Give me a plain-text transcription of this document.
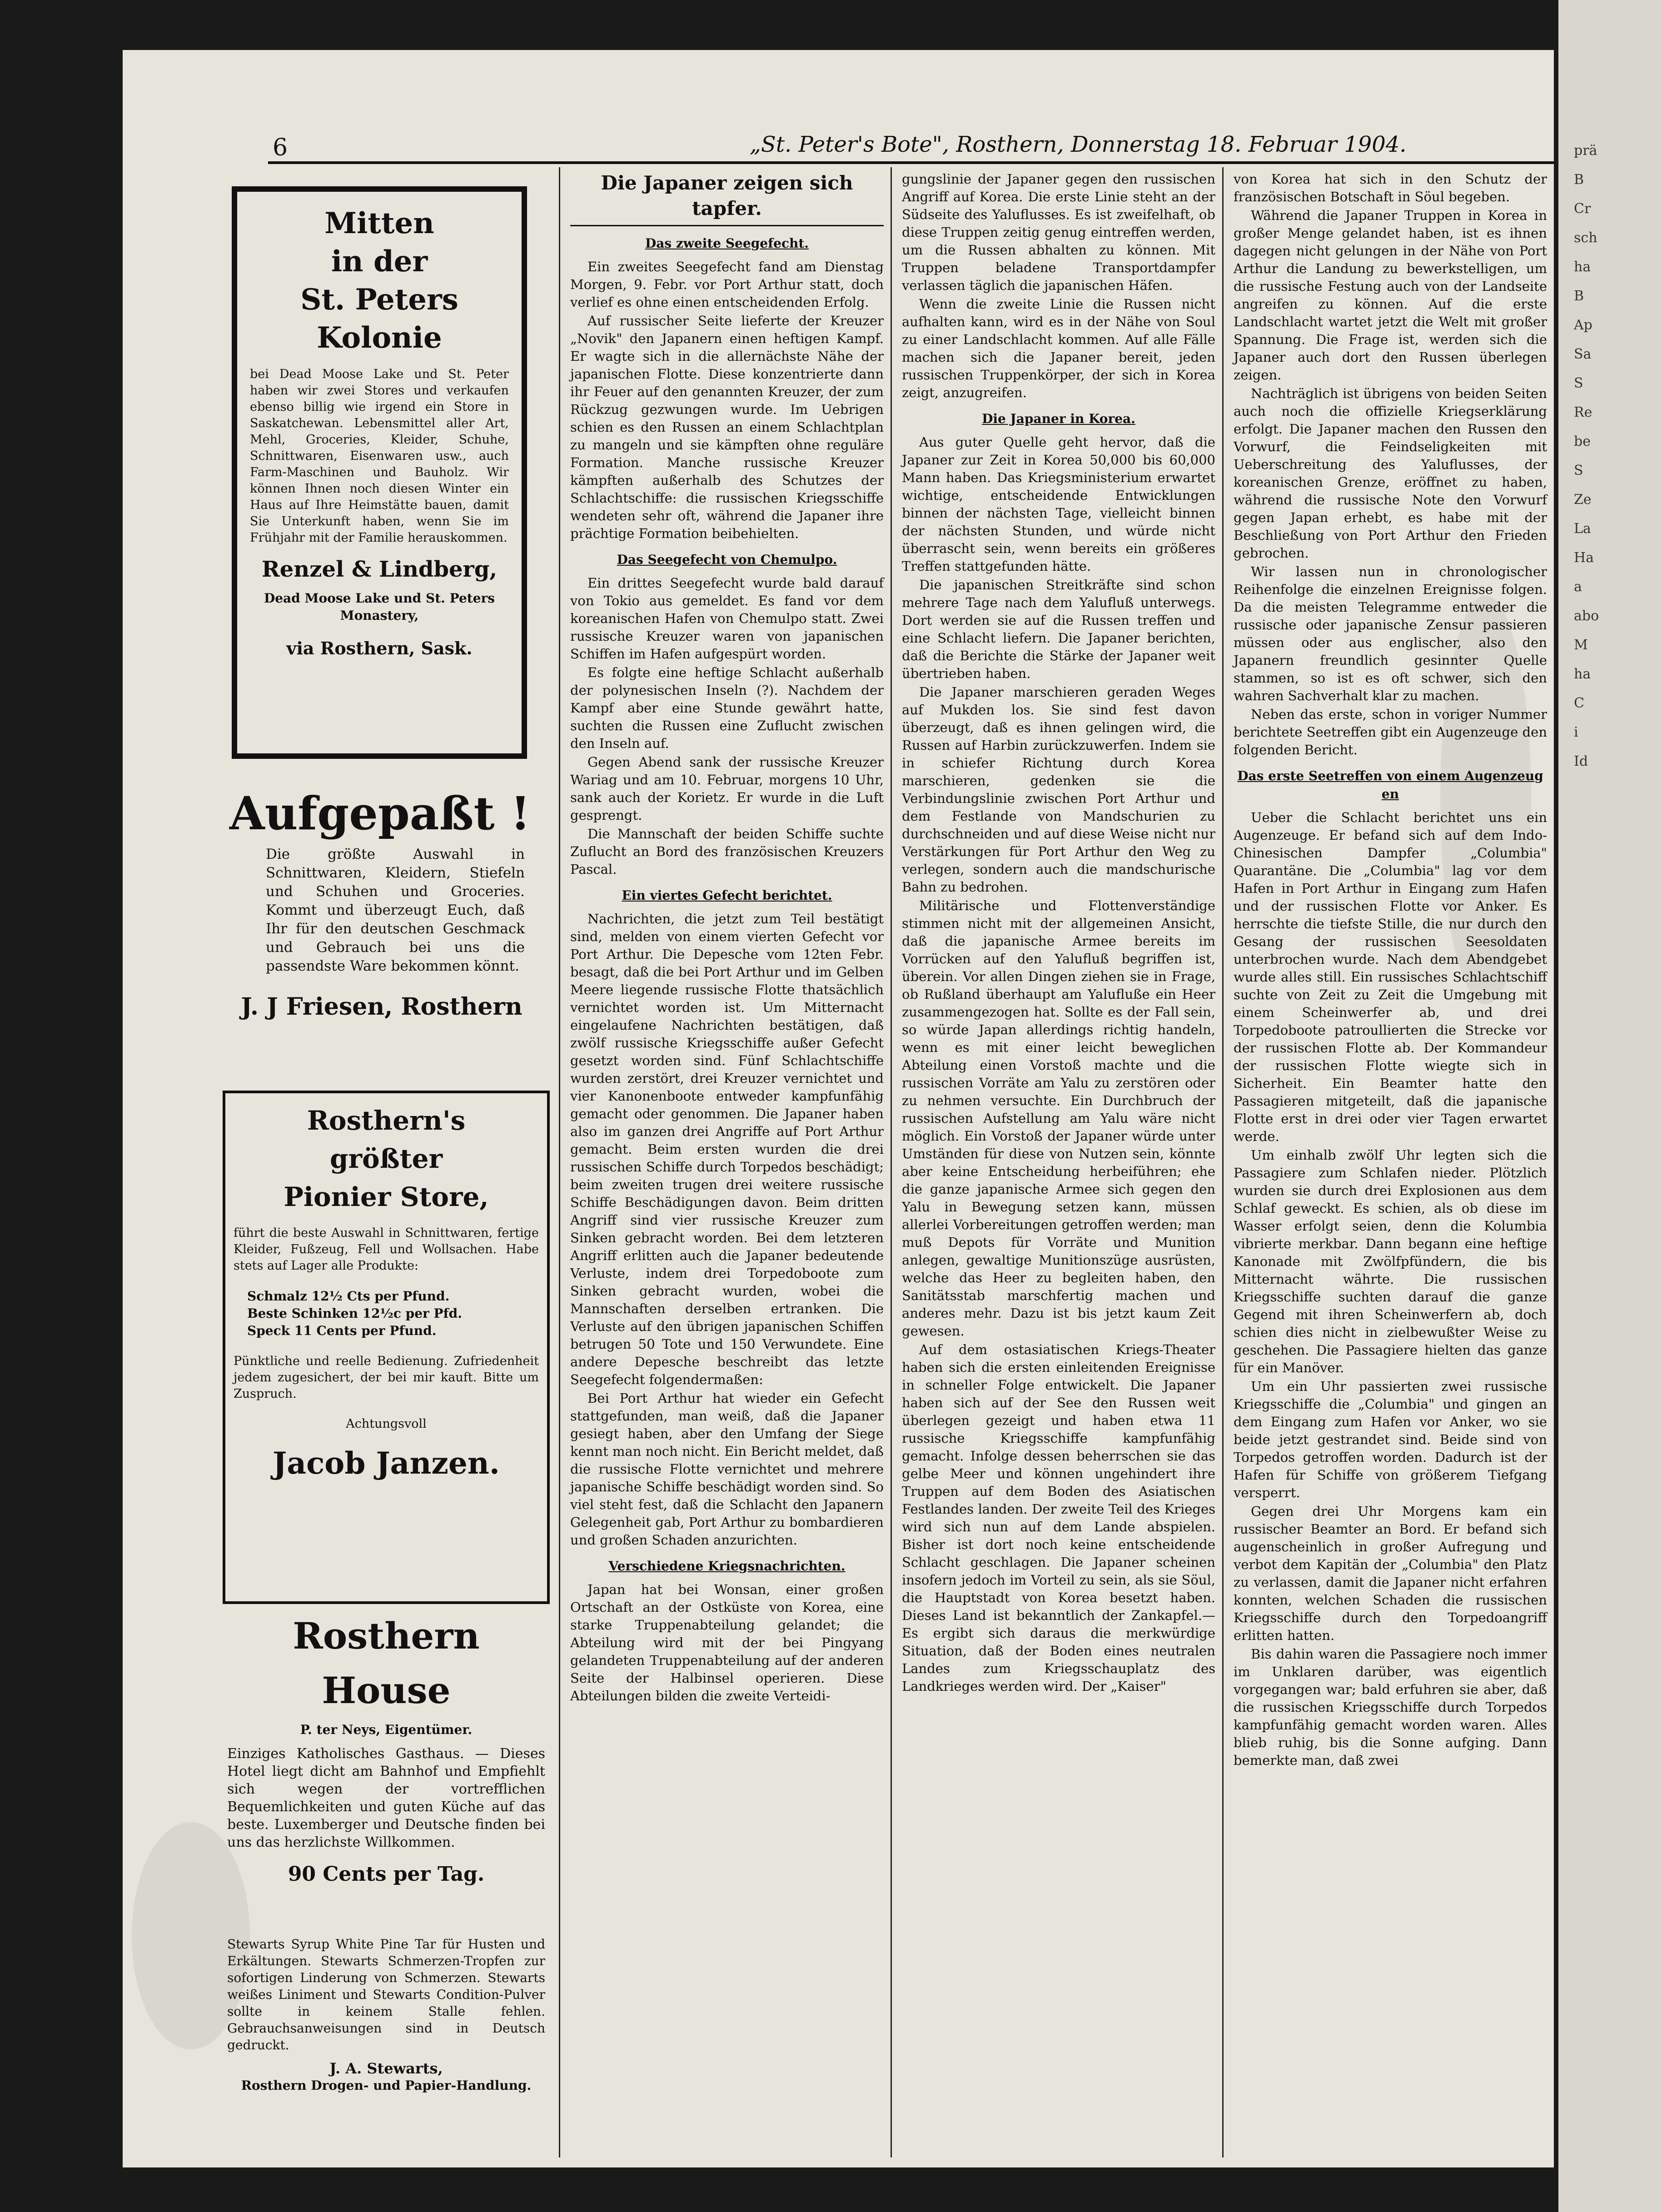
prä
B
Cr
sch
ha
B
Ap
Sa
S
Re
be
S
Ze
La
Ha
a
abo
M
ha
C
i
Id
6	„St. Peter's Bote", Rosthern, Donnerstag 18. Februar 1904.
Mitten
in der
St. Peters
Kolonie
bei Dead Moose Lake und St. Peter haben wir zwei Stores und verkaufen ebenso billig wie irgend ein Store in Saskatchewan. Lebensmittel aller Art, Mehl, Groceries, Kleider, Schuhe, Schnittwaren, Eisenwaren usw., auch Farm-Maschinen und Bauholz. Wir können Ihnen noch diesen Winter ein Haus auf Ihre Heimstätte bauen, damit Sie Unterkunft haben, wenn Sie im Frühjahr mit der Familie herauskommen.
Renzel & Lindberg,
Dead Moose Lake und St. Peters Monastery,
via Rosthern, Sask.
Aufgepaßt !
Die größte Auswahl in Schnittwaren, Kleidern, Stiefeln und Schuhen und Groceries. Kommt und überzeugt Euch, daß Ihr für den deutschen Geschmack und Gebrauch bei uns die passendste Ware bekommen könnt.
J. J Friesen, Rosthern
Rosthern's
größter
Pionier Store,
führt die beste Auswahl in Schnittwaren, fertige Kleider, Fußzeug, Fell und Wollsachen. Habe stets auf Lager alle Produkte:
Schmalz 12½ Cts per Pfund.
Beste Schinken 12½c per Pfd.
Speck 11 Cents per Pfund.
Pünktliche und reelle Bedienung. Zufriedenheit jedem zugesichert, der bei mir kauft. Bitte um Zuspruch.
Achtungsvoll
Jacob Janzen.
Rosthern House
P. ter Neys, Eigentümer.
Einziges Katholisches Gasthaus. — Dieses Hotel liegt dicht am Bahnhof und Empfiehlt sich wegen der vortrefflichen Bequemlichkeiten und guten Küche auf das beste. Luxemberger und Deutsche finden bei uns das herzlichste Willkommen.
90 Cents per Tag.
Stewarts Syrup White Pine Tar für Husten und Erkältungen. Stewarts Schmerzen-Tropfen zur sofortigen Linderung von Schmerzen. Stewarts weißes Liniment und Stewarts Condition-Pulver sollte in keinem Stalle fehlen. Gebrauchsanweisungen sind in Deutsch gedruckt.
J. A. Stewarts,
Rosthern Drogen- und Papier-Handlung.
Die Japaner zeigen sich tapfer.
Das zweite Seegefecht.

Ein zweites Seegefecht fand am Dienstag Morgen, 9. Febr. vor Port Arthur statt, doch verlief es ohne einen entscheidenden Erfolg.

Auf russischer Seite lieferte der Kreuzer „Novik" den Japanern einen heftigen Kampf. Er wagte sich in die allernächste Nähe der japanischen Flotte. Diese konzentrierte dann ihr Feuer auf den genannten Kreuzer, der zum Rückzug gezwungen wurde. Im Uebrigen schien es den Russen an einem Schlachtplan zu mangeln und sie kämpften ohne reguläre Formation. Manche russische Kreuzer kämpften außerhalb des Schutzes der Schlachtschiffe: die russischen Kriegsschiffe wendeten sehr oft, während die Japaner ihre prächtige Formation beibehielten.

Das Seegefecht von Chemulpo.

Ein drittes Seegefecht wurde bald darauf von Tokio aus gemeldet. Es fand vor dem koreanischen Hafen von Chemulpo statt. Zwei russische Kreuzer waren von japanischen Schiffen im Hafen aufgespürt worden.

Es folgte eine heftige Schlacht außerhalb der polynesischen Inseln (?). Nachdem der Kampf aber eine Stunde gewährt hatte, suchten die Russen eine Zuflucht zwischen den Inseln auf.

Gegen Abend sank der russische Kreuzer Wariag und am 10. Februar, morgens 10 Uhr, sank auch der Korietz. Er wurde in die Luft gesprengt.

Die Mannschaft der beiden Schiffe suchte Zuflucht an Bord des französischen Kreuzers Pascal.

Ein viertes Gefecht berichtet.

Nachrichten, die jetzt zum Teil bestätigt sind, melden von einem vierten Gefecht vor Port Arthur. Die Depesche vom 12ten Febr. besagt, daß die bei Port Arthur und im Gelben Meere liegende russische Flotte thatsächlich vernichtet worden ist. Um Mitternacht eingelaufene Nachrichten bestätigen, daß zwölf russische Kriegsschiffe außer Gefecht gesetzt worden sind. Fünf Schlachtschiffe wurden zerstört, drei Kreuzer vernichtet und vier Kanonenboote entweder kampfunfähig gemacht oder genommen. Die Japaner haben also im ganzen drei Angriffe auf Port Arthur gemacht. Beim ersten wurden die drei russischen Schiffe durch Torpedos beschädigt; beim zweiten trugen drei weitere russische Schiffe Beschädigungen davon. Beim dritten Angriff sind vier russische Kreuzer zum Sinken gebracht worden. Bei dem letzteren Angriff erlitten auch die Japaner bedeutende Verluste, indem drei Torpedoboote zum Sinken gebracht wurden, wobei die Mannschaften derselben ertranken. Die Verluste auf den übrigen japanischen Schiffen betrugen 50 Tote und 150 Verwundete. Eine andere Depesche beschreibt das letzte Seegefecht folgendermaßen:

Bei Port Arthur hat wieder ein Gefecht stattgefunden, man weiß, daß die Japaner gesiegt haben, aber den Umfang der Siege kennt man noch nicht. Ein Bericht meldet, daß die russische Flotte vernichtet und mehrere japanische Schiffe beschädigt worden sind. So viel steht fest, daß die Schlacht den Japanern Gelegenheit gab, Port Arthur zu bombardieren und großen Schaden anzurichten.

Verschiedene Kriegsnachrichten.

Japan hat bei Wonsan, einer großen Ortschaft an der Ostküste von Korea, eine starke Truppenabteilung gelandet; die Abteilung wird mit der bei Pingyang gelandeten Truppenabteilung auf der anderen Seite der Halbinsel operieren. Diese Abteilungen bilden die zweite Verteidi-

gungslinie der Japaner gegen den russischen Angriff auf Korea. Die erste Linie steht an der Südseite des Yaluflusses. Es ist zweifelhaft, ob diese Truppen zeitig genug eintreffen werden, um die Russen abhalten zu können. Mit Truppen beladene Transportdampfer verlassen täglich die japanischen Häfen.

Wenn die zweite Linie die Russen nicht aufhalten kann, wird es in der Nähe von Soul zu einer Landschlacht kommen. Auf alle Fälle machen sich die Japaner bereit, jeden russischen Truppenkörper, der sich in Korea zeigt, anzugreifen.

Die Japaner in Korea.

Aus guter Quelle geht hervor, daß die Japaner zur Zeit in Korea 50,000 bis 60,000 Mann haben. Das Kriegsministerium erwartet wichtige, entscheidende Entwicklungen binnen der nächsten Tage, vielleicht binnen der nächsten Stunden, und würde nicht überrascht sein, wenn bereits ein größeres Treffen stattgefunden hätte.

Die japanischen Streitkräfte sind schon mehrere Tage nach dem Yalufluß unterwegs. Dort werden sie auf die Russen treffen und eine Schlacht liefern. Die Japaner berichten, daß die Berichte die Stärke der Japaner weit übertrieben haben.

Die Japaner marschieren geraden Weges auf Mukden los. Sie sind fest davon überzeugt, daß es ihnen gelingen wird, die Russen auf Harbin zurückzuwerfen. Indem sie in schiefer Richtung durch Korea marschieren, gedenken sie die Verbindungslinie zwischen Port Arthur und dem Festlande von Mandschurien zu durchschneiden und auf diese Weise nicht nur Verstärkungen für Port Arthur den Weg zu verlegen, sondern auch die mandschurische Bahn zu bedrohen.

Militärische und Flottenverständige stimmen nicht mit der allgemeinen Ansicht, daß die japanische Armee bereits im Vorrücken auf den Yalufluß begriffen ist, überein. Vor allen Dingen ziehen sie in Frage, ob Rußland überhaupt am Yalufluße ein Heer zusammengezogen hat. Sollte es der Fall sein, so würde Japan allerdings richtig handeln, wenn es mit einer leicht beweglichen Abteilung einen Vorstoß machte und die russischen Vorräte am Yalu zu zerstören oder zu nehmen versuchte. Ein Durchbruch der russischen Aufstellung am Yalu wäre nicht möglich. Ein Vorstoß der Japaner würde unter Umständen für diese von Nutzen sein, könnte aber keine Entscheidung herbeiführen; ehe die ganze japanische Armee sich gegen den Yalu in Bewegung setzen kann, müssen allerlei Vorbereitungen getroffen werden; man muß Depots für Vorräte und Munition anlegen, gewaltige Munitionszüge ausrüsten, welche das Heer zu begleiten haben, den Sanitätsstab marschfertig machen und anderes mehr. Dazu ist bis jetzt kaum Zeit gewesen.

Auf dem ostasiatischen Kriegs-Theater haben sich die ersten einleitenden Ereignisse in schneller Folge entwickelt. Die Japaner haben sich auf der See den Russen weit überlegen gezeigt und haben etwa 11 russische Kriegsschiffe kampfunfähig gemacht. Infolge dessen beherrschen sie das gelbe Meer und können ungehindert ihre Truppen auf dem Boden des Asiatischen Festlandes landen. Der zweite Teil des Krieges wird sich nun auf dem Lande abspielen. Bisher ist dort noch keine entscheidende Schlacht geschlagen. Die Japaner scheinen insofern jedoch im Vorteil zu sein, als sie Söul, die Hauptstadt von Korea besetzt haben. Dieses Land ist bekanntlich der Zankapfel.— Es ergibt sich daraus die merkwürdige Situation, daß der Boden eines neutralen Landes zum Kriegsschauplatz des Landkrieges werden wird. Der „Kaiser"

von Korea hat sich in den Schutz der französischen Botschaft in Söul begeben.

Während die Japaner Truppen in Korea in großer Menge gelandet haben, ist es ihnen dagegen nicht gelungen in der Nähe von Port Arthur die Landung zu bewerkstelligen, um die russische Festung auch von der Landseite angreifen zu können. Auf die erste Landschlacht wartet jetzt die Welt mit großer Spannung. Die Frage ist, werden sich die Japaner auch dort den Russen überlegen zeigen.

Nachträglich ist übrigens von beiden Seiten auch noch die offizielle Kriegserklärung erfolgt. Die Japaner machen den Russen den Vorwurf, die Feindseligkeiten mit Ueberschreitung des Yaluflusses, der koreanischen Grenze, eröffnet zu haben, während die russische Note den Vorwurf gegen Japan erhebt, es habe mit der Beschließung von Port Arthur den Frieden gebrochen.

Wir lassen nun in chronologischer Reihenfolge die einzelnen Ereignisse folgen. Da die meisten Telegramme entweder die russische oder japanische Zensur passieren müssen oder aus englischer, also den Japanern freundlich gesinnter Quelle stammen, so ist es oft schwer, sich den wahren Sachverhalt klar zu machen.

Neben das erste, schon in voriger Nummer berichtete Seetreffen gibt ein Augenzeuge den folgenden Bericht.

Das erste Seetreffen von einem Augenzeug en

Ueber die Schlacht berichtet uns ein Augenzeuge. Er befand sich auf dem Indo-Chinesischen Dampfer „Columbia" Quarantäne. Die „Columbia" lag vor dem Hafen in Port Arthur in Eingang zum Hafen und der russischen Flotte vor Anker. Es herrschte die tiefste Stille, die nur durch den Gesang der russischen Seesoldaten unterbrochen wurde. Nach dem Abendgebet wurde alles still. Ein russisches Schlachtschiff suchte von Zeit zu Zeit die Umgebung mit einem Scheinwerfer ab, und drei Torpedoboote patroullierten die Strecke vor der russischen Flotte ab. Der Kommandeur der russischen Flotte wiegte sich in Sicherheit. Ein Beamter hatte den Passagieren mitgeteilt, daß die japanische Flotte erst in drei oder vier Tagen erwartet werde.

Um einhalb zwölf Uhr legten sich die Passagiere zum Schlafen nieder. Plötzlich wurden sie durch drei Explosionen aus dem Schlaf geweckt. Es schien, als ob diese im Wasser erfolgt seien, denn die Kolumbia vibrierte merkbar. Dann begann eine heftige Kanonade mit Zwölfpfündern, die bis Mitternacht währte. Die russischen Kriegsschiffe suchten darauf die ganze Gegend mit ihren Scheinwerfern ab, doch schien dies nicht in zielbewußter Weise zu geschehen. Die Passagiere hielten das ganze für ein Manöver.

Um ein Uhr passierten zwei russische Kriegsschiffe die „Columbia" und gingen an dem Eingang zum Hafen vor Anker, wo sie beide jetzt gestrandet sind. Beide sind von Torpedos getroffen worden. Dadurch ist der Hafen für Schiffe von größerem Tiefgang versperrt.

Gegen drei Uhr Morgens kam ein russischer Beamter an Bord. Er befand sich augenscheinlich in großer Aufregung und verbot dem Kapitän der „Columbia" den Platz zu verlassen, damit die Japaner nicht erfahren konnten, welchen Schaden die russischen Kriegsschiffe durch den Torpedoangriff erlitten hatten.

Bis dahin waren die Passagiere noch immer im Unklaren darüber, was eigentlich vorgegangen war; bald erfuhren sie aber, daß die russischen Kriegsschiffe durch Torpedos kampfunfähig gemacht worden waren. Alles blieb ruhig, bis die Sonne aufging. Dann bemerkte man, daß zwei
